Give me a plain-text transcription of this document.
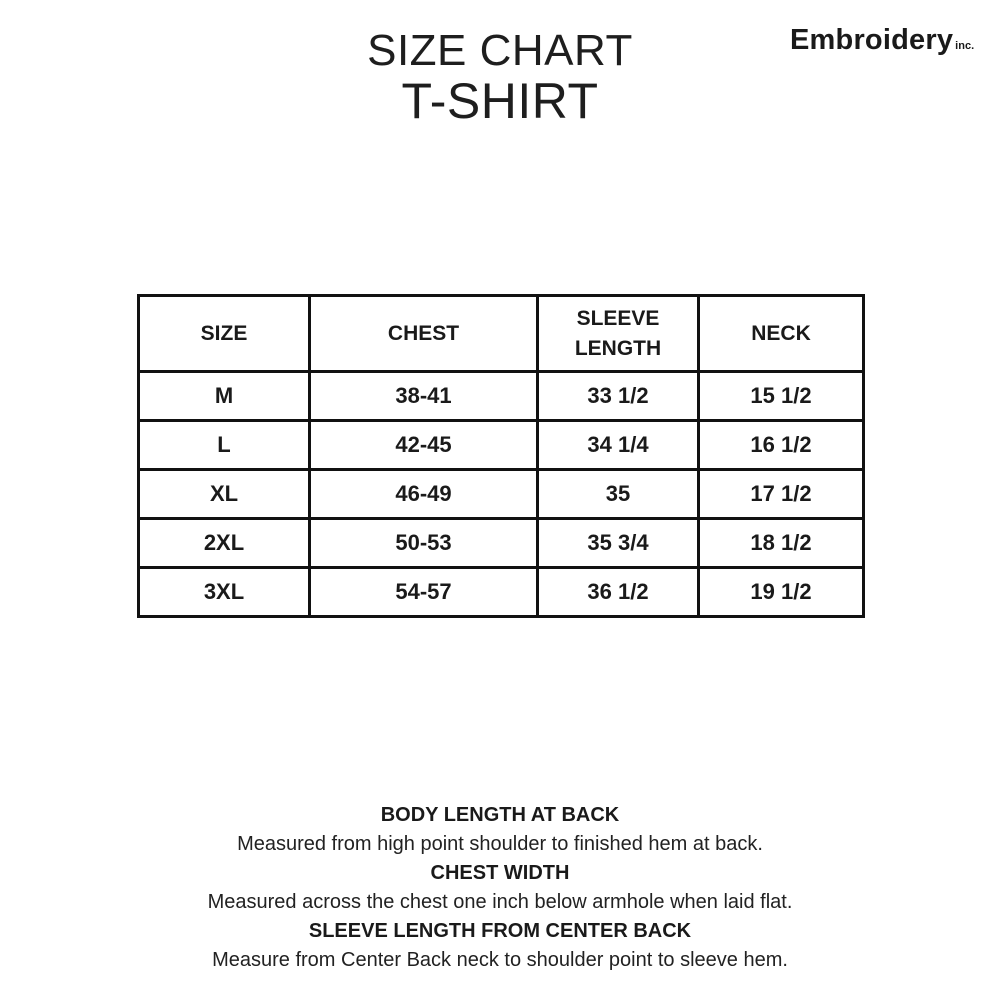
SIZE CHART
T-SHIRT
Embroidery inc.
SIZE	CHEST	SLEEVE LENGTH	NECK
M	38-41	33 1/2	15 1/2
L	42-45	34 1/4	16 1/2
XL	46-49	35	17 1/2
2XL	50-53	35 3/4	18 1/2
3XL	54-57	36 1/2	19 1/2
BODY LENGTH AT BACK
Measured from high point shoulder to finished hem at back.
CHEST WIDTH
Measured across the chest one inch below armhole when laid flat.
SLEEVE LENGTH FROM CENTER BACK
Measure from Center Back neck to shoulder point to sleeve hem.
